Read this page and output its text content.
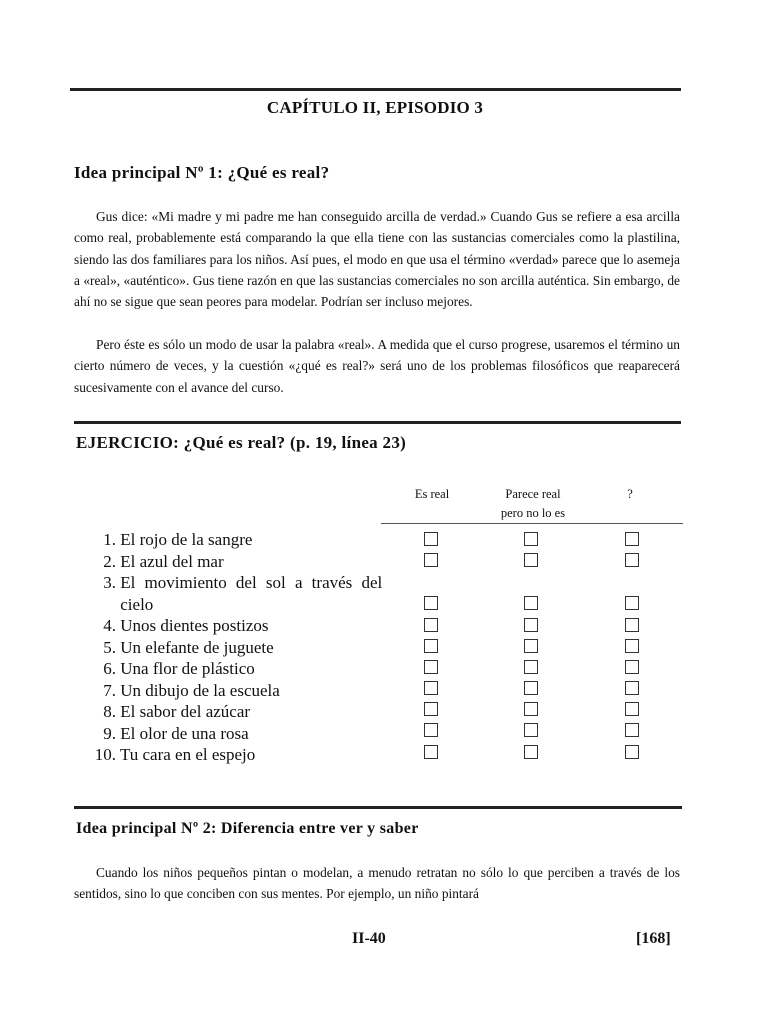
CAPÍTULO II, EPISODIO 3
Idea principal Nº 1: ¿Qué es real?

Gus dice: «Mi madre y mi padre me han conseguido arcilla de verdad.» Cuando Gus se refiere a esa arcilla como real, probablemente está comparando la que ella tiene con las sustancias comerciales como la plastilina, siendo las dos familiares para los niños. Así pues, el modo en que usa el término «verdad» parece que lo asemeja a «real», «auténtico». Gus tiene razón en que las sustancias comerciales no son arcilla auténtica. Sin embargo, de ahí no se sigue que sean peores para modelar. Podrían ser incluso mejores.

Pero éste es sólo un modo de usar la palabra «real». A medida que el curso progrese, usaremos el término un cierto número de veces, y la cuestión «¿qué es real?» será uno de los problemas filosóficos que reaparecerá sucesivamente con el avance del curso.

EJERCICIO: ¿Qué es real? (p. 19, línea 23)
Es real	Parece real
pero no lo es
?
1. El rojo de la sangre
2. El azul del mar
3. El movimiento del sol a través del cielo
4. Unos dientes postizos
5. Un elefante de juguete
6. Una flor de plástico
7. Un dibujo de la escuela
8. El sabor del azúcar
9. El olor de una rosa
10. Tu cara en el espejo
Idea principal Nº 2: Diferencia entre ver y saber

Cuando los niños pequeños pintan o modelan, a menudo retratan no sólo lo que perciben a través de los sentidos, sino lo que conciben con sus mentes. Por ejemplo, un niño pintará

II-40	[168]
